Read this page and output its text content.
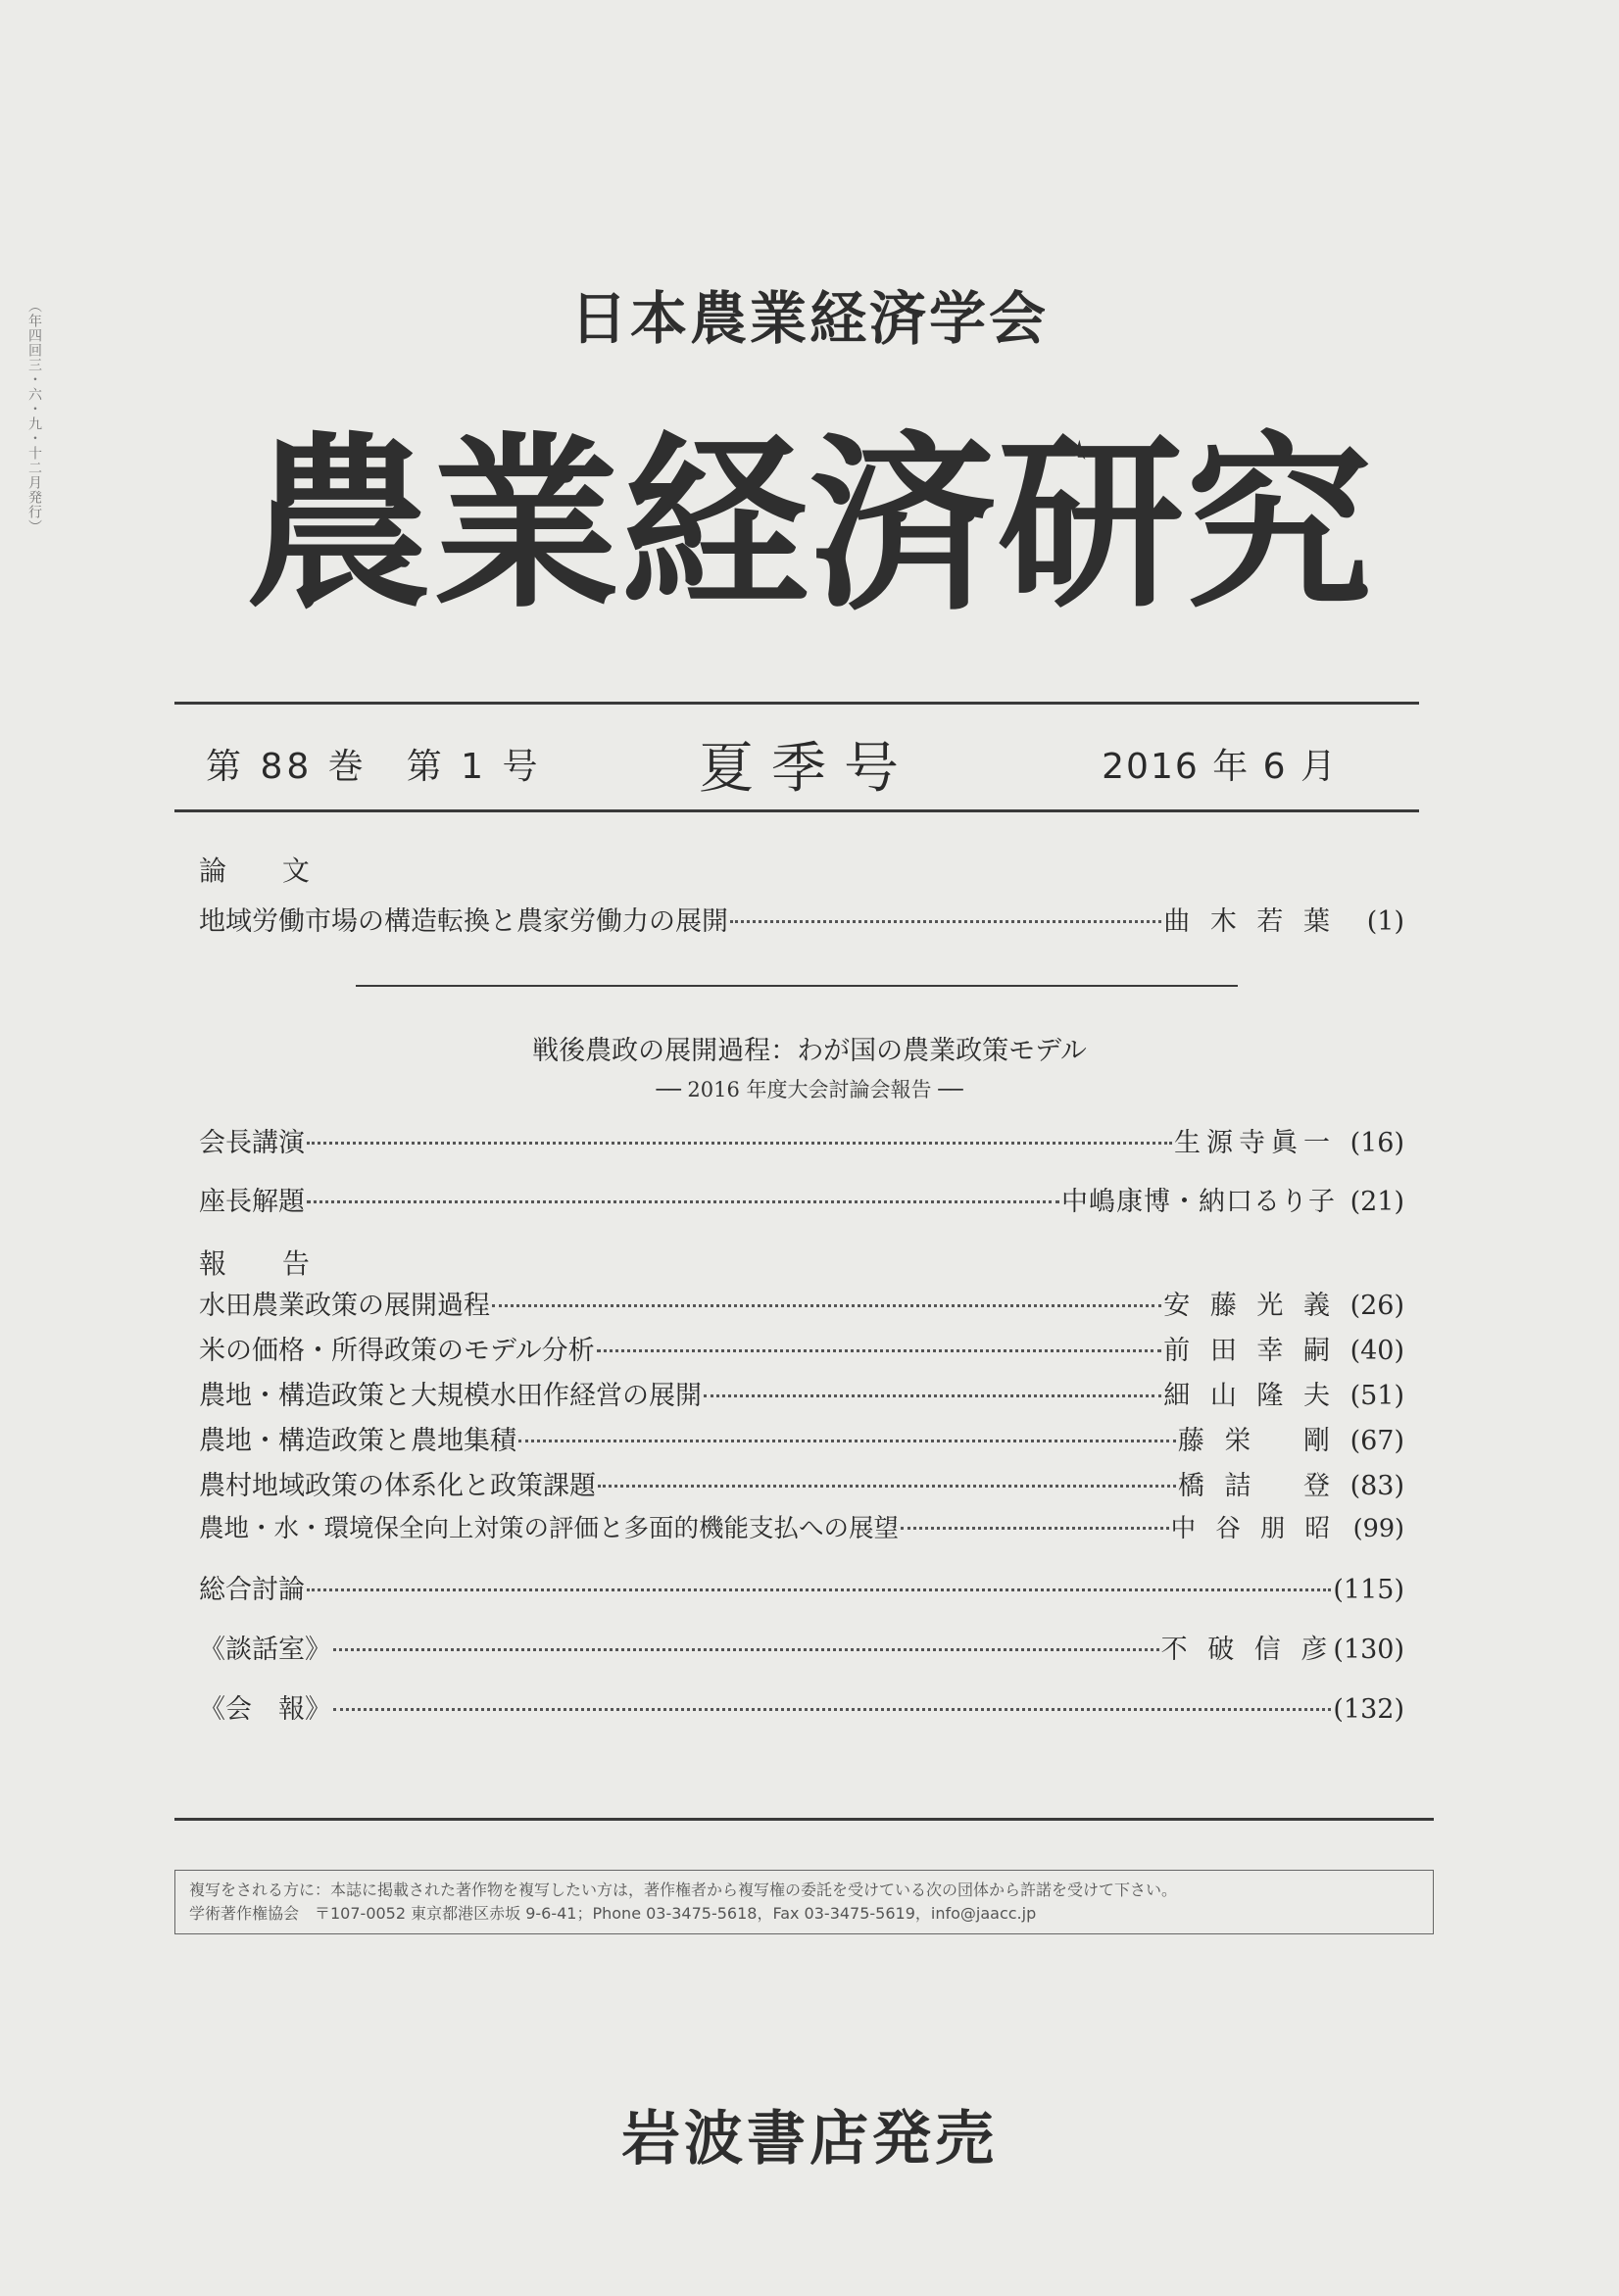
（年四回三・六・九・十二月発行）	日本農業経済学会
農業経済研究
第 88 巻　第 1 号	夏季号	2016 年 6 月
論 文
地域労働市場の構造転換と農家労働力の展開	曲 木 若 葉	(1)
会長講演	生源寺眞一 (16)
座長解題	中嶋康博・納口るり子 (21)
報 告
水田農業政策の展開過程	安 藤 光 義 (26)
米の価格・所得政策のモデル分析	前 田 幸 嗣 (40)
農地・構造政策と大規模水田作経営の展開	細 山 隆 夫 (51)
農地・構造政策と農地集積	藤 栄　 剛 (67)
農村地域政策の体系化と政策課題	橋 詰　 登 (83)
農地・水・環境保全向上対策の評価と多面的機能支払への展望	中 谷 朋 昭 (99)
総合討論	(115)
《談話室》	不 破 信 彦 (130)
《会　報》	(132)
戦後農政の展開過程：わが国の農業政策モデル
── 2016 年度大会討論会報告 ──
複写をされる方に：本誌に掲載された著作物を複写したい方は，著作権者から複写権の委託を受けている次の団体から許諾を受けて下さい。
学術著作権協会　〒107-0052 東京都港区赤坂 9-6-41；Phone 03-3475-5618，Fax 03-3475-5619，info@jaacc.jp
岩波書店発売
